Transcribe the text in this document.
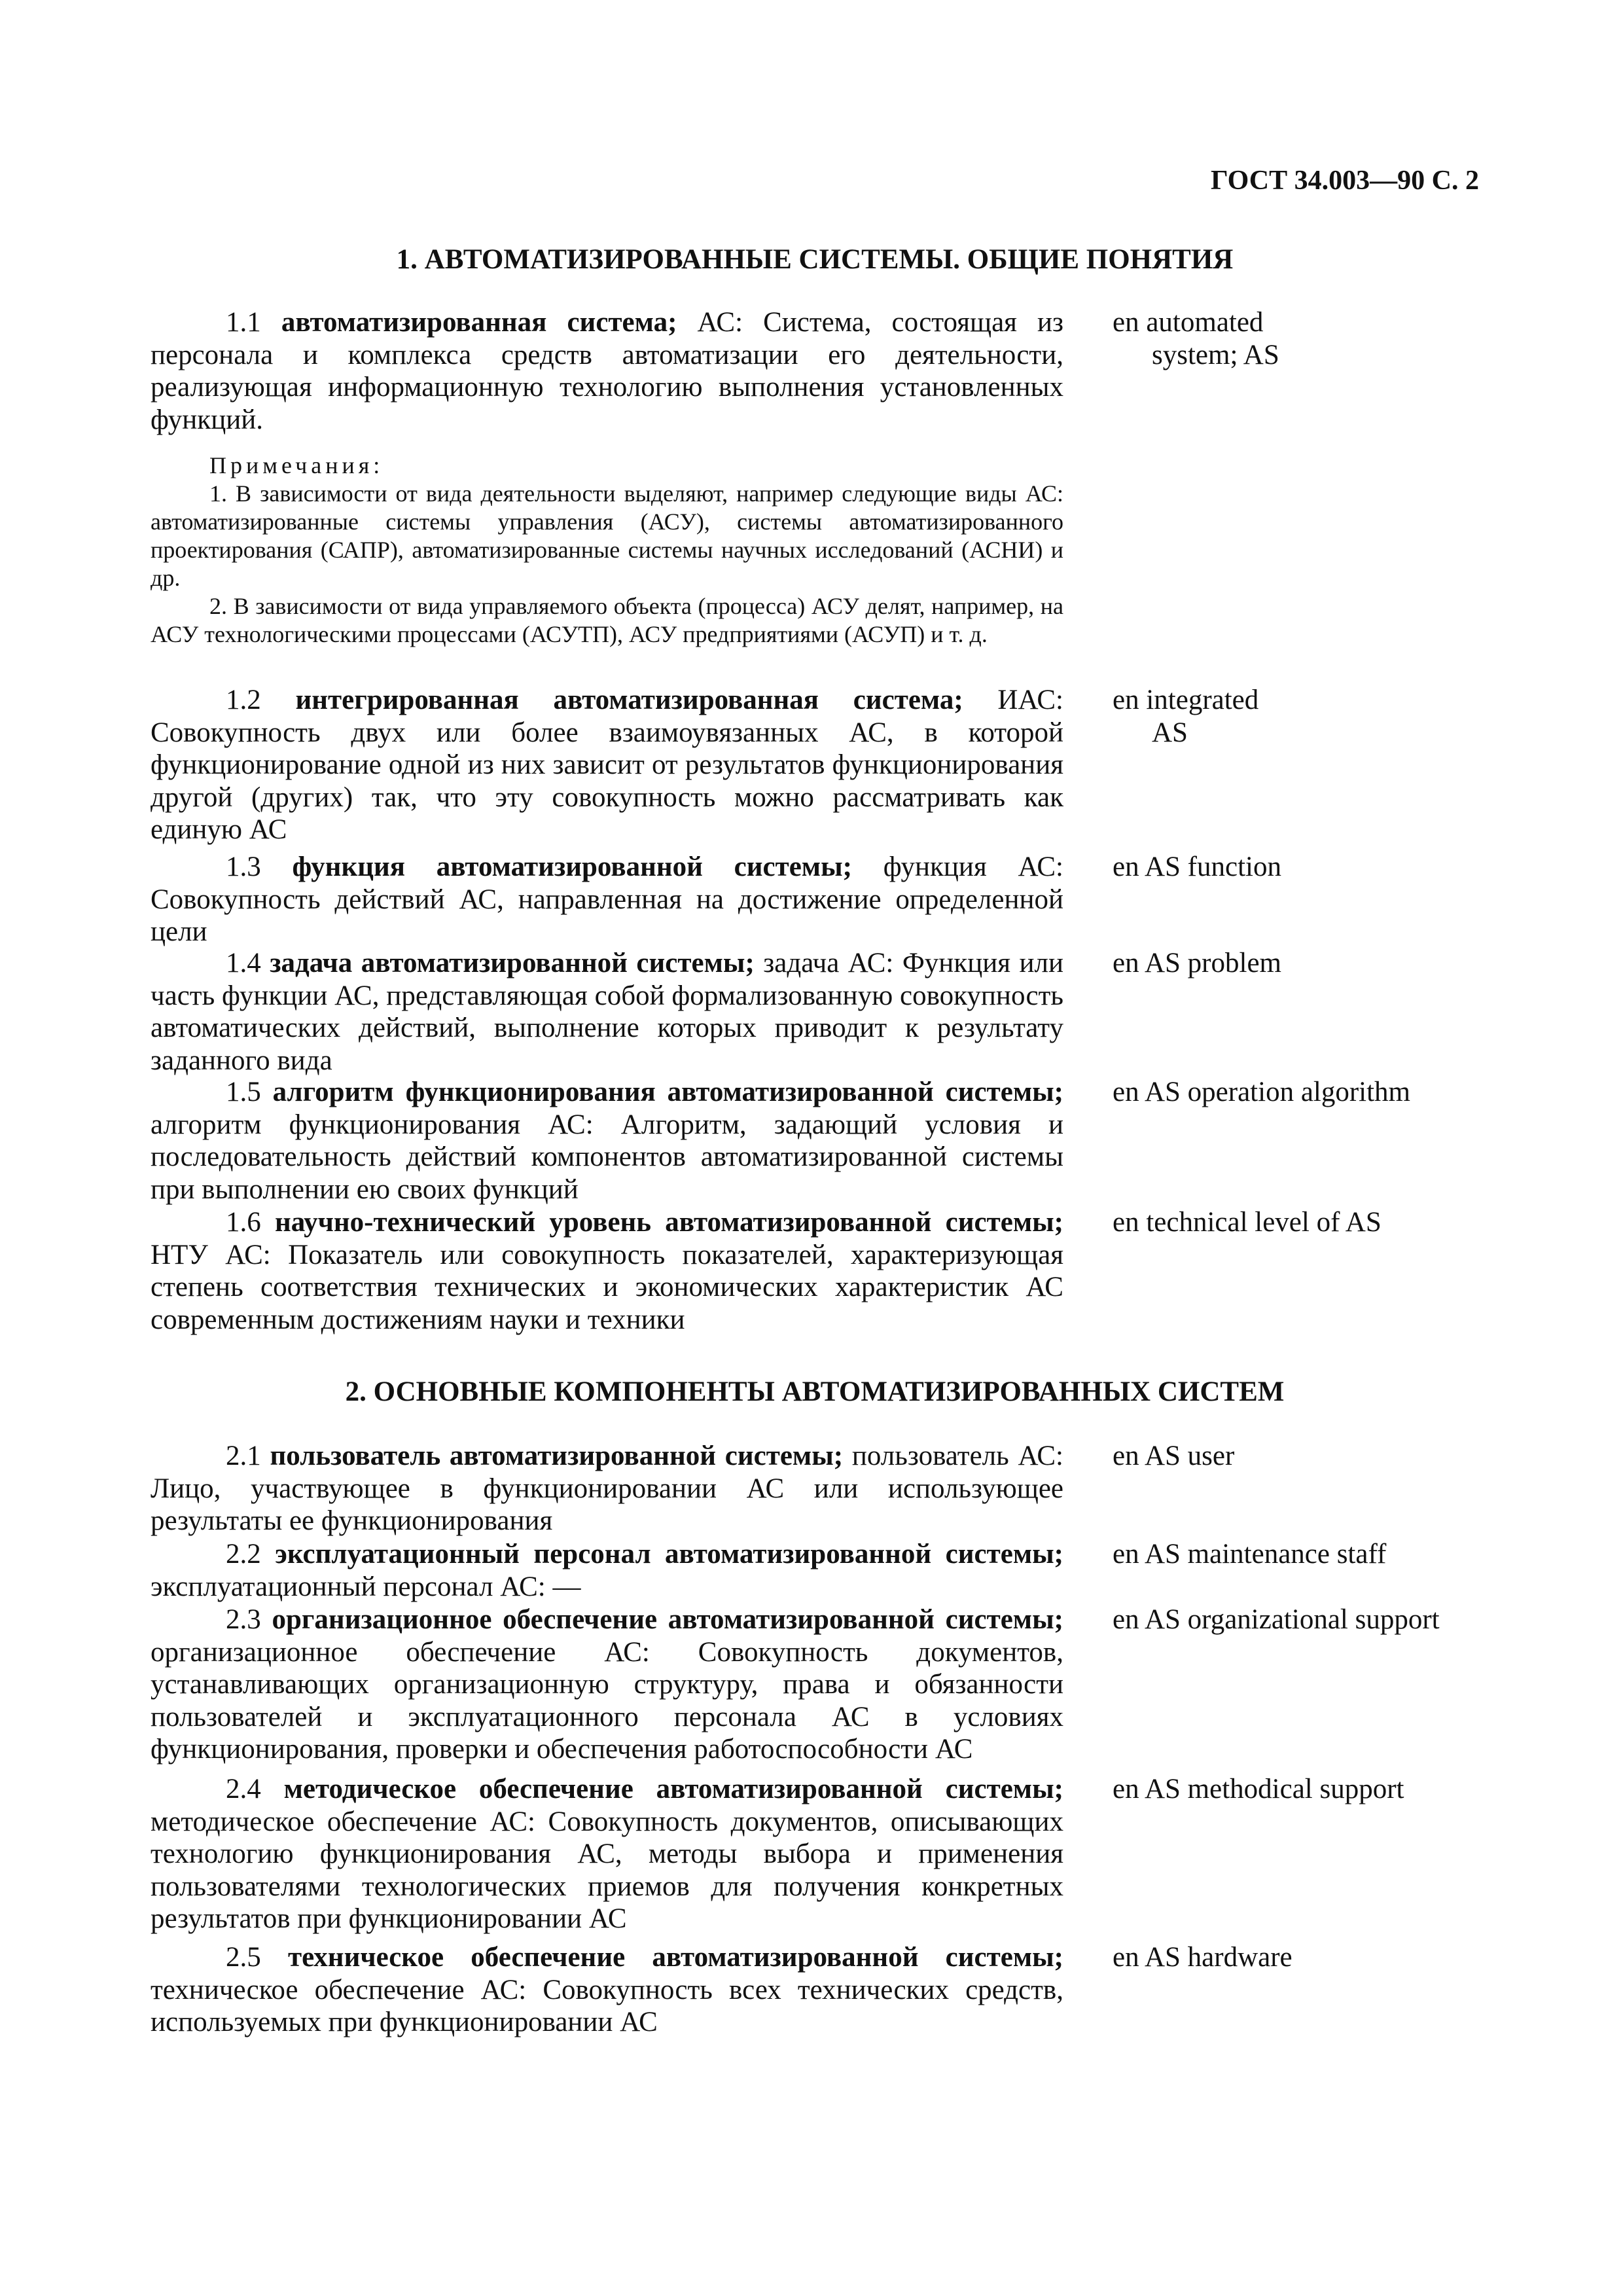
ГОСТ 34.003—90 С. 2
1. АВТОМАТИЗИРОВАННЫЕ СИСТЕМЫ. ОБЩИЕ ПОНЯТИЯ
1.1 автоматизированная система; АС: Система, состоящая из персонала и комплекса средств автоматизации его деятельности, реализующая информационную технологию выполнения установленных функций.
en automated
system; AS
Примечания:
1. В зависимости от вида деятельности выделяют, например следующие виды АС: автоматизированные системы управления (АСУ), системы автоматизированного проектирования (САПР), автоматизированные системы научных исследований (АСНИ) и др.
2. В зависимости от вида управляемого объекта (процесса) АСУ делят, например, на АСУ технологическими процессами (АСУТП), АСУ предприятиями (АСУП) и т. д.
1.2 интегрированная автоматизированная система; ИАС: Совокупность двух или более взаимоувязанных АС, в которой функционирование одной из них зависит от результатов функционирования другой (других) так, что эту совокупность можно рассматривать как единую АС
en integrated
AS
1.3 функция автоматизированной системы; функция АС: Совокупность действий АС, направленная на достижение определенной цели
en AS function
1.4 задача автоматизированной системы; задача АС: Функция или часть функции АС, представляющая собой формализованную совокупность автоматических действий, выполнение которых приводит к результату заданного вида
en AS problem
1.5 алгоритм функционирования автоматизированной системы; алгоритм функционирования АС: Алгоритм, задающий условия и последовательность действий компонентов автоматизированной системы при выполнении ею своих функций
en AS operation algorithm
1.6 научно-технический уровень автоматизированной системы; НТУ АС: Показатель или совокупность показателей, характеризующая степень соответствия технических и экономических характеристик АС современным достижениям науки и техники
en technical level of AS
2. ОСНОВНЫЕ КОМПОНЕНТЫ АВТОМАТИЗИРОВАННЫХ СИСТЕМ
2.1 пользователь автоматизированной системы; пользователь АС: Лицо, участвующее в функционировании АС или использующее результаты ее функционирования
en AS user
2.2 эксплуатационный персонал автоматизированной системы; эксплуатационный персонал АС: —
en AS maintenance staff
2.3 организационное обеспечение автоматизированной системы; организационное обеспечение АС: Совокупность документов, устанавливающих организационную структуру, права и обязанности пользователей и эксплуатационного персонала АС в условиях функционирования, проверки и обеспечения работоспособности АС
en AS organizational support
2.4 методическое обеспечение автоматизированной системы; методическое обеспечение АС: Совокупность документов, описывающих технологию функционирования АС, методы выбора и применения пользователями технологических приемов для получения конкретных результатов при функционировании АС
en AS methodical support
2.5 техническое обеспечение автоматизированной системы; техническое обеспечение АС: Совокупность всех технических средств, используемых при функционировании АС
en AS hardware
